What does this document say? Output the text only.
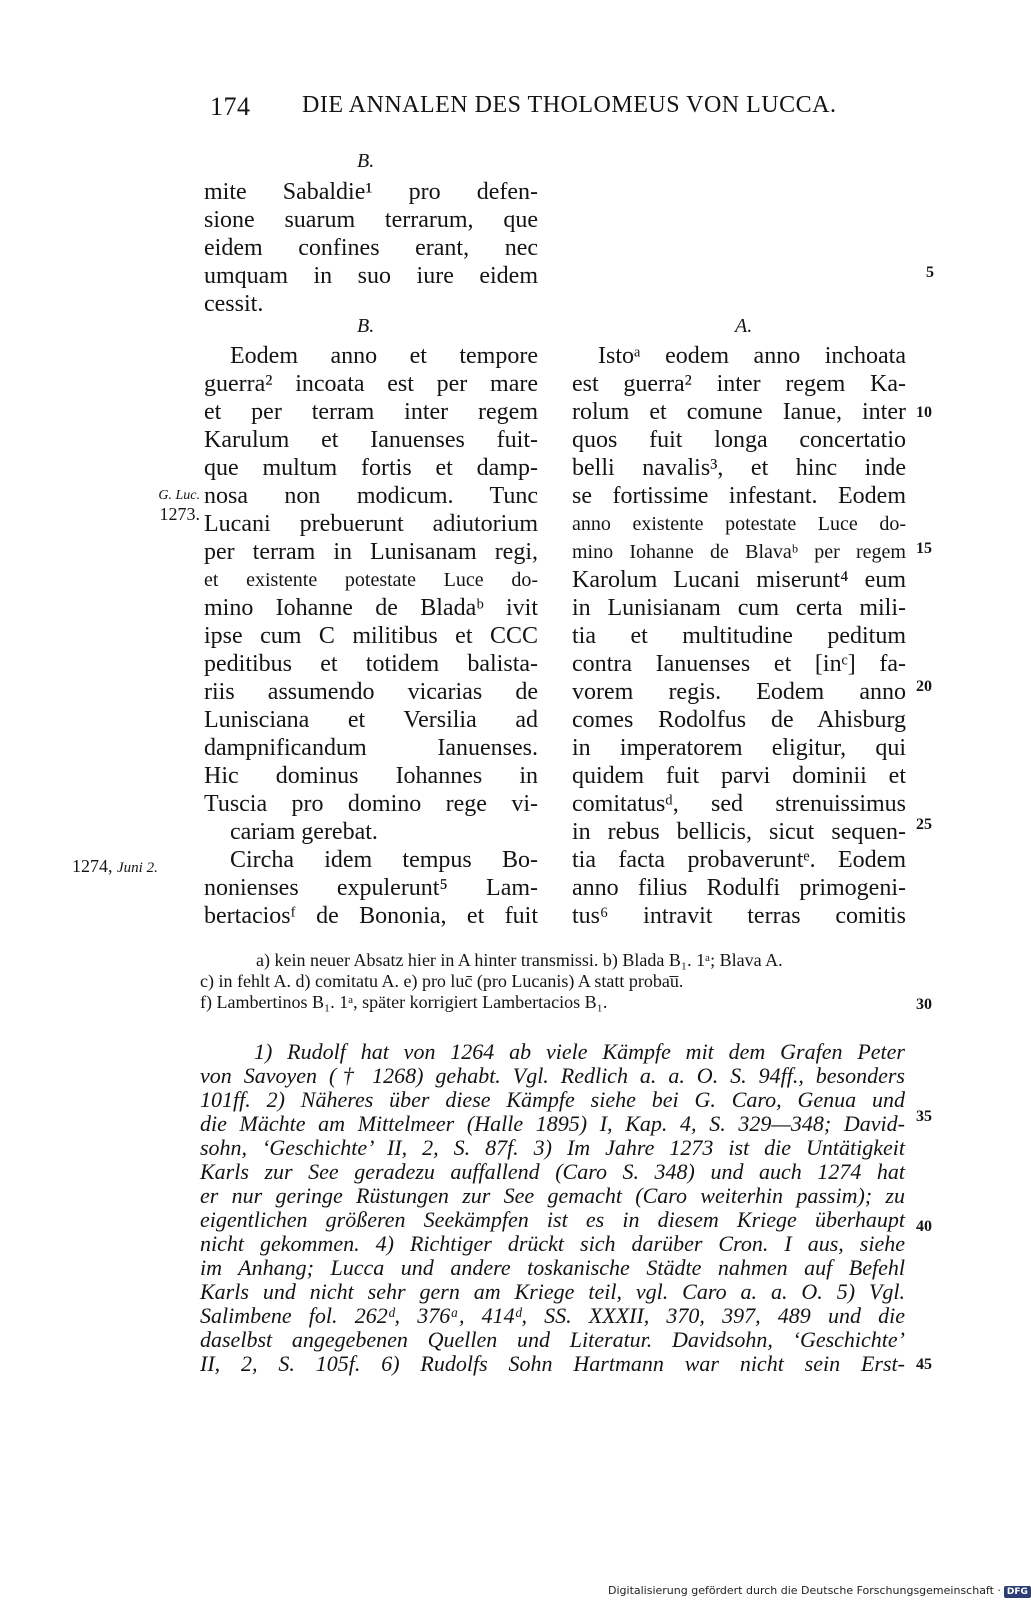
174 DIE ANNALEN DES THOLOMEUS VON LUCCA.
B.
mite Sabaldie¹ pro defen-
sione suarum terrarum, que
eidem confines erant, nec
umquam in suo iure eidem
cessit.
B.	A.
Eodem anno et tempore
guerra² incoata est per mare
et per terram inter regem
Karulum et Ianuenses fuit-
que multum fortis et damp-
nosa non modicum. Tunc
Lucani prebuerunt adiutorium
per terram in Lunisanam regi,
et existente potestate Luce do-
mino Iohanne de Bladaᵇ ivit
ipse cum C militibus et CCC
peditibus et totidem balista-
riis assumendo vicarias de
Lunisciana et Versilia ad
dampnificandum Ianuenses.
Hic dominus Iohannes in
Tuscia pro domino rege vi-
cariam gerebat.
Circha idem tempus Bo-
nonienses expulerunt⁵ Lam-
bertaciosᶠ de Bononia, et fuit
Istoᵃ eodem anno inchoata
est guerra² inter regem Ka-
rolum et comune Ianue, inter
quos fuit longa concertatio
belli navalis³, et hinc inde
se fortissime infestant. Eodem
anno existente potestate Luce do-
mino Iohanne de Blavaᵇ per regem
Karolum Lucani miserunt⁴ eum
in Lunisianam cum certa mili-
tia et multitudine peditum
contra Ianuenses et [inᶜ] fa-
vorem regis. Eodem anno
comes Rodolfus de Ahisburg
in imperatorem eligitur, qui
quidem fuit parvi dominii et
comitatusᵈ, sed strenuissimus
in rebus bellicis, sicut sequen-
tia facta probaveruntᵉ. Eodem
anno filius Rodulfi primogeni-
tus⁶ intravit terras comitis
G. Luc.
1273.
1274, Juni 2.
5
10
15
20
25
30
35
40
45
a) kein neuer Absatz hier in A hinter transmissi. b) Blada B₁. 1ᵃ; Blava A.
c) in fehlt A. d) comitatu A. e) pro luc̄ (pro Lucanis) A statt probau̅.
f) Lambertinos B₁. 1ᵃ, später korrigiert Lambertacios B₁.
1) Rudolf hat von 1264 ab viele Kämpfe mit dem Grafen Peter
von Savoyen († 1268) gehabt. Vgl. Redlich a. a. O. S. 94ff., besonders
101ff. 2) Näheres über diese Kämpfe siehe bei G. Caro, Genua und
die Mächte am Mittelmeer (Halle 1895) I, Kap. 4, S. 329—348; David-
sohn, ‘Geschichte’ II, 2, S. 87f. 3) Im Jahre 1273 ist die Untätigkeit
Karls zur See geradezu auffallend (Caro S. 348) und auch 1274 hat
er nur geringe Rüstungen zur See gemacht (Caro weiterhin passim); zu
eigentlichen größeren Seekämpfen ist es in diesem Kriege überhaupt
nicht gekommen. 4) Richtiger drückt sich darüber Cron. I aus, siehe
im Anhang; Lucca und andere toskanische Städte nahmen auf Befehl
Karls und nicht sehr gern am Kriege teil, vgl. Caro a. a. O. 5) Vgl.
Salimbene fol. 262ᵈ, 376ᵃ, 414ᵈ, SS. XXXII, 370, 397, 489 und die
daselbst angegebenen Quellen und Literatur. Davidsohn, ‘Geschichte’
II, 2, S. 105f. 6) Rudolfs Sohn Hartmann war nicht sein Erst-
Digitalisierung gefördert durch die Deutsche Forschungsgemeinschaft · DFG
